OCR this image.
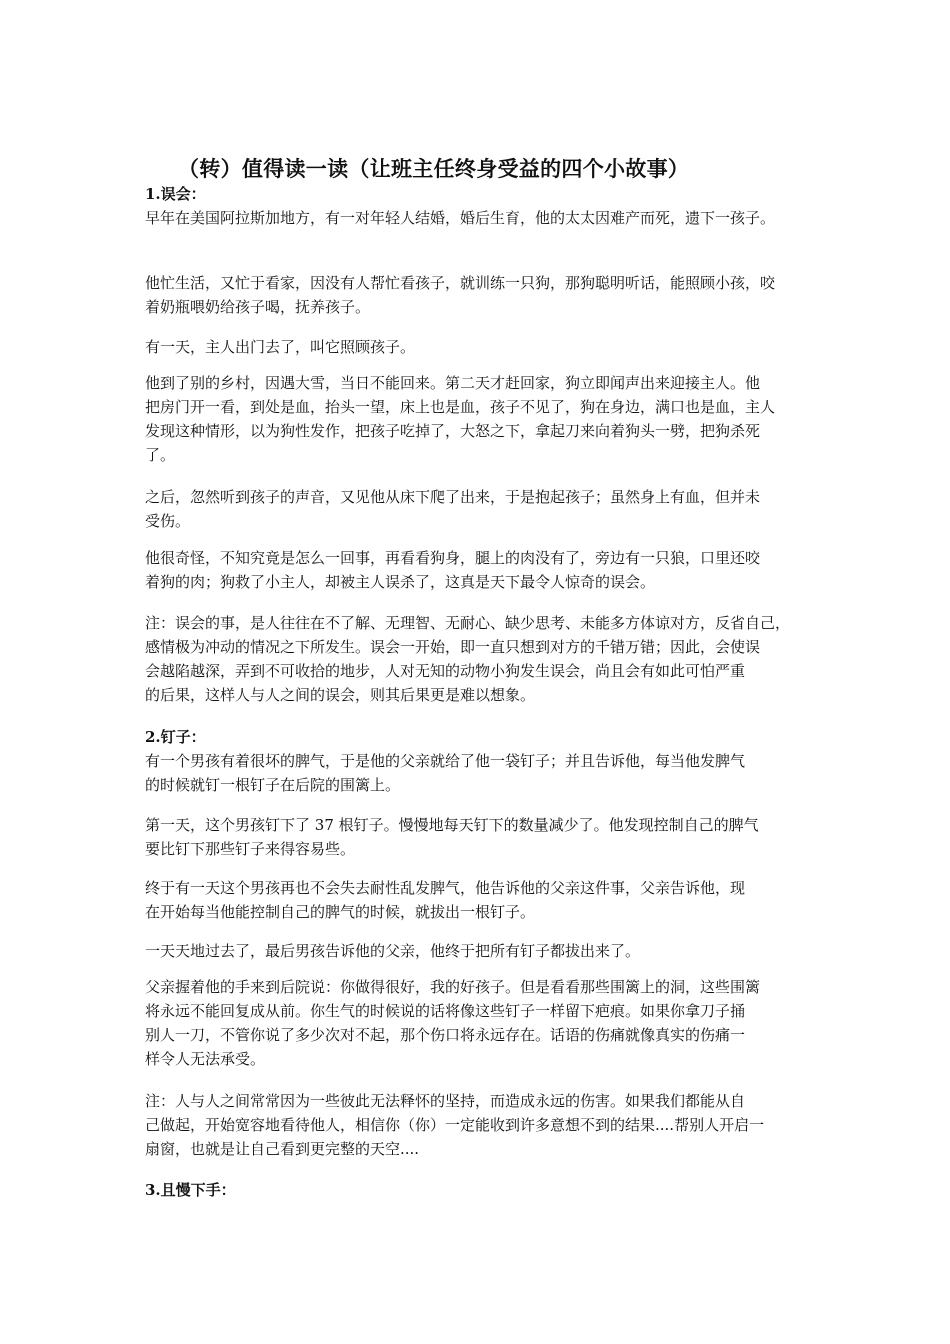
（转）值得读一读（让班主任终身受益的四个小故事）
1.误会：
早年在美国阿拉斯加地方，有一对年轻人结婚，婚后生育，他的太太因难产而死，遗下一孩子。
他忙生活，又忙于看家，因没有人帮忙看孩子，就训练一只狗，那狗聪明听话，能照顾小孩，咬
着奶瓶喂奶给孩子喝，抚养孩子。
有一天，主人出门去了，叫它照顾孩子。
他到了别的乡村，因遇大雪，当日不能回来。第二天才赶回家，狗立即闻声出来迎接主人。他
把房门开一看，到处是血，抬头一望，床上也是血，孩子不见了，狗在身边，满口也是血，主人
发现这种情形，以为狗性发作，把孩子吃掉了，大怒之下，拿起刀来向着狗头一劈，把狗杀死
了。
之后，忽然听到孩子的声音，又见他从床下爬了出来，于是抱起孩子；虽然身上有血，但并未
受伤。
他很奇怪，不知究竟是怎么一回事，再看看狗身，腿上的肉没有了，旁边有一只狼，口里还咬
着狗的肉；狗救了小主人，却被主人误杀了，这真是天下最令人惊奇的误会。
注：误会的事，是人往往在不了解、无理智、无耐心、缺少思考、未能多方体谅对方，反省自己，
感情极为冲动的情况之下所发生。误会一开始，即一直只想到对方的千错万错；因此，会使误
会越陷越深，弄到不可收拾的地步，人对无知的动物小狗发生误会，尚且会有如此可怕严重
的后果，这样人与人之间的误会，则其后果更是难以想象。
2.钉子：
有一个男孩有着很坏的脾气，于是他的父亲就给了他一袋钉子；并且告诉他，每当他发脾气
的时候就钉一根钉子在后院的围篱上。
第一天，这个男孩钉下了 37 根钉子。慢慢地每天钉下的数量减少了。他发现控制自己的脾气
要比钉下那些钉子来得容易些。
终于有一天这个男孩再也不会失去耐性乱发脾气，他告诉他的父亲这件事，父亲告诉他，现
在开始每当他能控制自己的脾气的时候，就拔出一根钉子。
一天天地过去了，最后男孩告诉他的父亲，他终于把所有钉子都拔出来了。
父亲握着他的手来到后院说：你做得很好，我的好孩子。但是看看那些围篱上的洞，这些围篱
将永远不能回复成从前。你生气的时候说的话将像这些钉子一样留下疤痕。如果你拿刀子捅
别人一刀，不管你说了多少次对不起，那个伤口将永远存在。话语的伤痛就像真实的伤痛一
样令人无法承受。
注：人与人之间常常因为一些彼此无法释怀的坚持，而造成永远的伤害。如果我们都能从自
己做起，开始宽容地看待他人，相信你（你）一定能收到许多意想不到的结果....帮别人开启一
扇窗，也就是让自己看到更完整的天空....
3.且慢下手：
